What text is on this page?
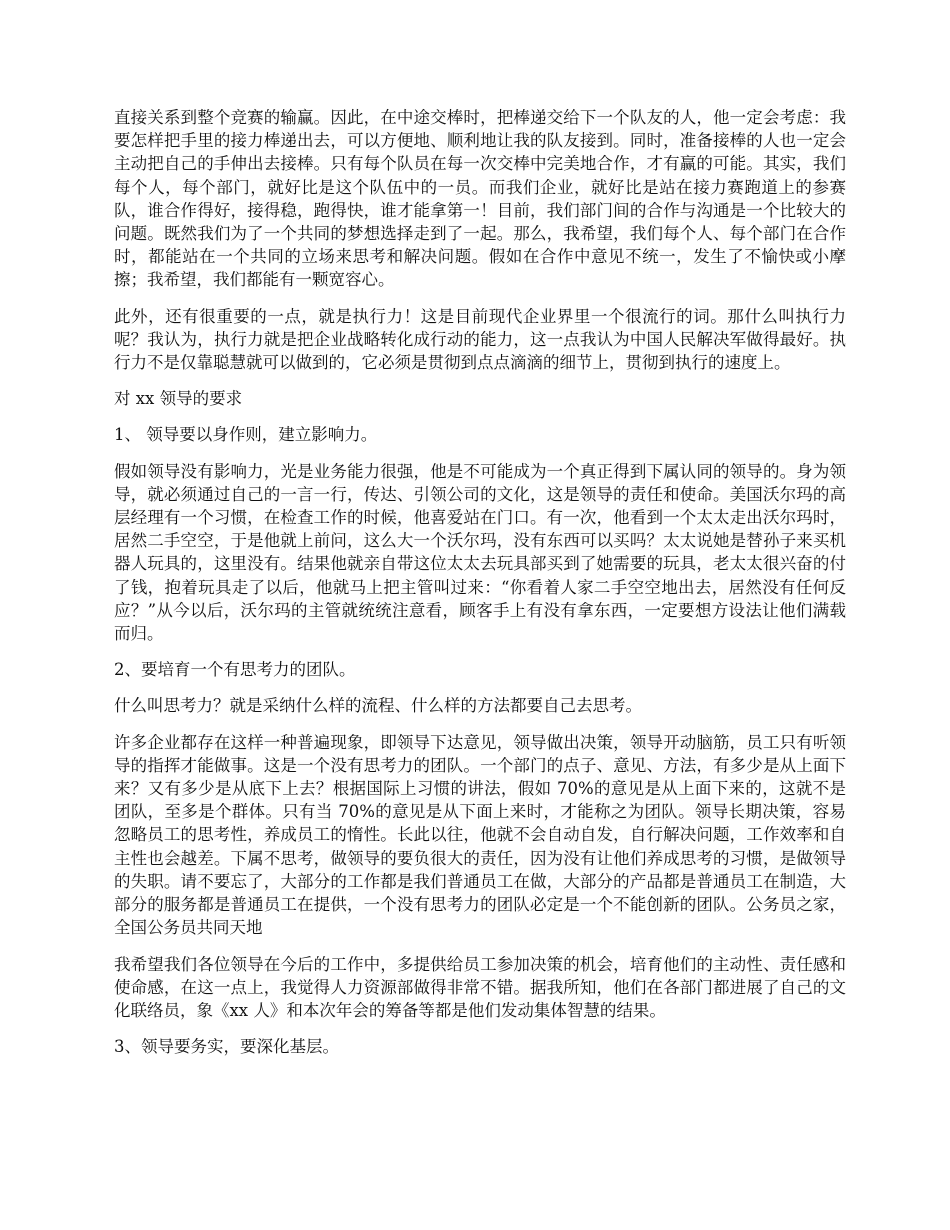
直接关系到整个竞赛的输赢。因此，在中途交棒时，把棒递交给下一个队友的人，他一定会考虑：我要怎样把手里的接力棒递出去，可以方便地、顺利地让我的队友接到。同时，准备接棒的人也一定会主动把自己的手伸出去接棒。只有每个队员在每一次交棒中完美地合作，才有赢的可能。其实，我们每个人，每个部门，就好比是这个队伍中的一员。而我们企业，就好比是站在接力赛跑道上的参赛队，谁合作得好，接得稳，跑得快，谁才能拿第一！目前，我们部门间的合作与沟通是一个比较大的问题。既然我们为了一个共同的梦想选择走到了一起。那么，我希望，我们每个人、每个部门在合作时，都能站在一个共同的立场来思考和解决问题。假如在合作中意见不统一，发生了不愉快或小摩擦；我希望，我们都能有一颗宽容心。

此外，还有很重要的一点，就是执行力！这是目前现代企业界里一个很流行的词。那什么叫执行力呢？我认为，执行力就是把企业战略转化成行动的能力，这一点我认为中国人民解决军做得最好。执行力不是仅靠聪慧就可以做到的，它必须是贯彻到点点滴滴的细节上，贯彻到执行的速度上。

对 xx 领导的要求

1、 领导要以身作则，建立影响力。

假如领导没有影响力，光是业务能力很强，他是不可能成为一个真正得到下属认同的领导的。身为领导，就必须通过自己的一言一行，传达、引领公司的文化，这是领导的责任和使命。美国沃尔玛的高层经理有一个习惯，在检查工作的时候，他喜爱站在门口。有一次，他看到一个太太走出沃尔玛时，居然二手空空，于是他就上前问，这么大一个沃尔玛，没有东西可以买吗？太太说她是替孙子来买机器人玩具的，这里没有。结果他就亲自带这位太太去玩具部买到了她需要的玩具，老太太很兴奋的付了钱，抱着玩具走了以后，他就马上把主管叫过来：“你看着人家二手空空地出去，居然没有任何反应？”从今以后，沃尔玛的主管就统统注意看，顾客手上有没有拿东西，一定要想方设法让他们满载而归。

2、要培育一个有思考力的团队。

什么叫思考力？就是采纳什么样的流程、什么样的方法都要自己去思考。

许多企业都存在这样一种普遍现象，即领导下达意见，领导做出决策，领导开动脑筋，员工只有听领导的指挥才能做事。这是一个没有思考力的团队。一个部门的点子、意见、方法，有多少是从上面下来？又有多少是从底下上去？根据国际上习惯的讲法，假如 70%的意见是从上面下来的，这就不是团队，至多是个群体。只有当 70%的意见是从下面上来时，才能称之为团队。领导长期决策，容易忽略员工的思考性，养成员工的惰性。长此以往，他就不会自动自发，自行解决问题，工作效率和自主性也会越差。下属不思考，做领导的要负很大的责任，因为没有让他们养成思考的习惯，是做领导的失职。请不要忘了，大部分的工作都是我们普通员工在做，大部分的产品都是普通员工在制造，大部分的服务都是普通员工在提供，一个没有思考力的团队必定是一个不能创新的团队。公务员之家，全国公务员共同天地

我希望我们各位领导在今后的工作中，多提供给员工参加决策的机会，培育他们的主动性、责任感和使命感，在这一点上，我觉得人力资源部做得非常不错。据我所知，他们在各部门都进展了自己的文化联络员，象《xx 人》和本次年会的筹备等都是他们发动集体智慧的结果。

3、领导要务实，要深化基层。
